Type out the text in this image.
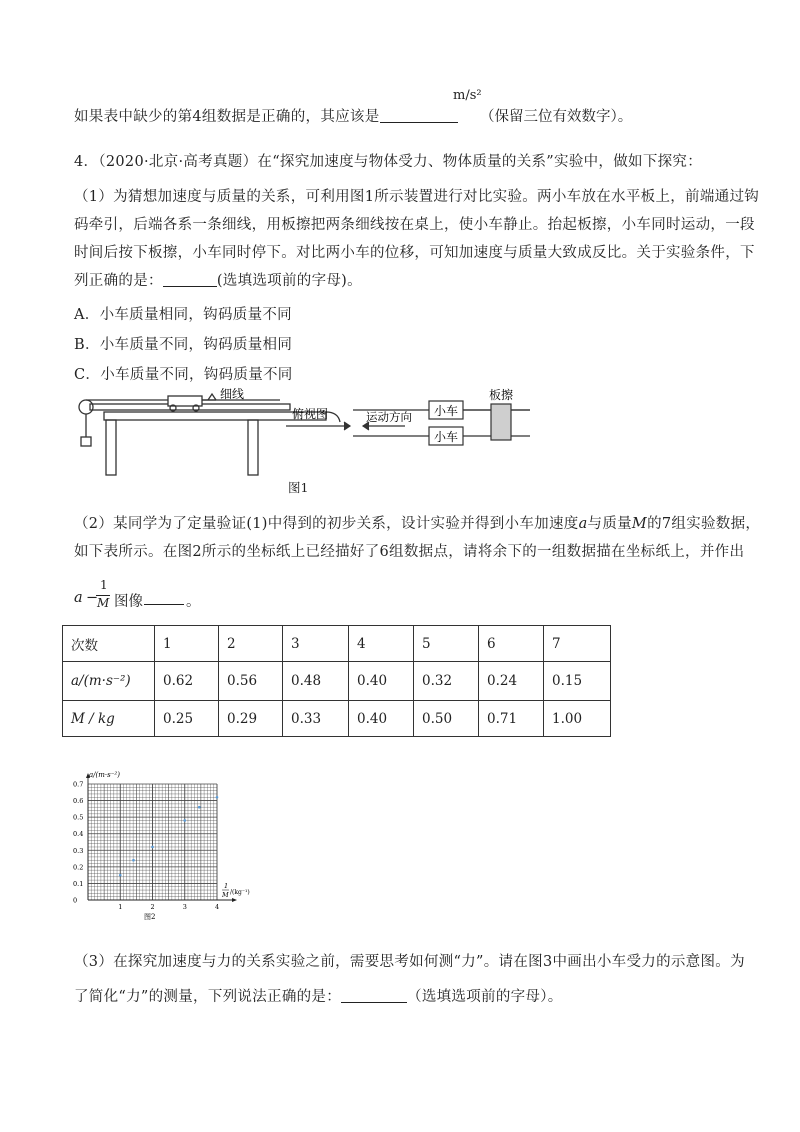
如果表中缺少的第4组数据是正确的，其应该是
m/s²
（保留三位有效数字）。
4．（2020·北京·高考真题）在“探究加速度与物体受力、物体质量的关系”实验中，做如下探究：
（1）为猜想加速度与质量的关系，可利用图1所示装置进行对比实验。两小车放在水平板上，前端通过钩
码牵引，后端各系一条细线，用板擦把两条细线按在桌上，使小车静止。抬起板擦，小车同时运动，一段
时间后按下板擦，小车同时停下。对比两小车的位移，可知加速度与质量大致成反比。关于实验条件，下
列正确的是：	(选填选项前的字母)。
A．小车质量相同，钩码质量不同
B．小车质量不同，钩码质量相同
C．小车质量不同，钩码质量不同
细线
俯视图	运动方向 小车
小车
板擦
图1
（2）某同学为了定量验证(1)中得到的初步关系，设计实验并得到小车加速度a与质量M的7组实验数据，
如下表所示。在图2所示的坐标纸上已经描好了6组数据点，请将余下的一组数据描在坐标纸上，并作出
a −
1
M 图像	。
次数	1	2	3	4	5	6	7
a/(m·s⁻²)	0.62	0.56	0.48	0.40	0.32	0.24	0.15
M / kg	0.25	0.29	0.33	0.40	0.50	0.71	1.00
0.7
0.6
0.5
0.4
0.3
0.2
0.1
0
1	2	3	4
a/(m·s⁻²)
1
M /(kg⁻¹)
图2
（3）在探究加速度与力的关系实验之前，需要思考如何测“力”。请在图3中画出小车受力的示意图。为
了简化“力”的测量，下列说法正确的是：	（选填选项前的字母）。
